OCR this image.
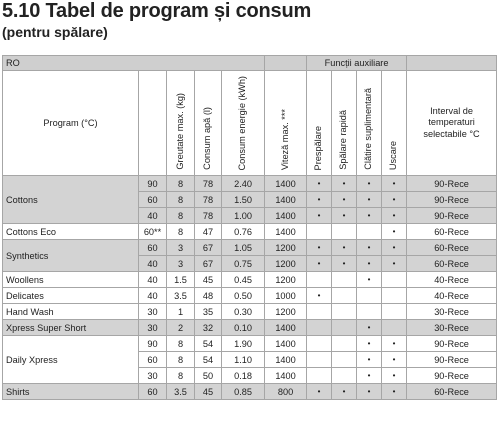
5.10 Tabel de program și consum
(pentru spălare)
RO						Funcții auxiliare				
Program (°C)		Greutate max. (kg)	Consum apă (l)	Consum energie (kWh)	Viteză max. ***	Prespălare	Spălare rapidă	Clătire suplimentară	Uscare	Interval de temperaturi selectabile °C
Cottons	90	8	78	2.40	1400	•	•	•	•	90-Rece
	60	8	78	1.50	1400	•	•	•	•	90-Rece
	40	8	78	1.00	1400	•	•	•	•	90-Rece
Cottons Eco	60**	8	47	0.76	1400				•	60-Rece
Synthetics	60	3	67	1.05	1200	•	•	•	•	60-Rece
	40	3	67	0.75	1200	•	•	•	•	60-Rece
Woollens	40	1.5	45	0.45	1200			•		40-Rece
Delicates	40	3.5	48	0.50	1000	•				40-Rece
Hand Wash	30	1	35	0.30	1200					30-Rece
Xpress Super Short	30	2	32	0.10	1400			•		30-Rece
Daily Xpress	90	8	54	1.90	1400			•	•	90-Rece
	60	8	54	1.10	1400			•	•	90-Rece
	30	8	50	0.18	1400			•	•	90-Rece
Shirts	60	3.5	45	0.85	800	•	•	•	•	60-Rece
